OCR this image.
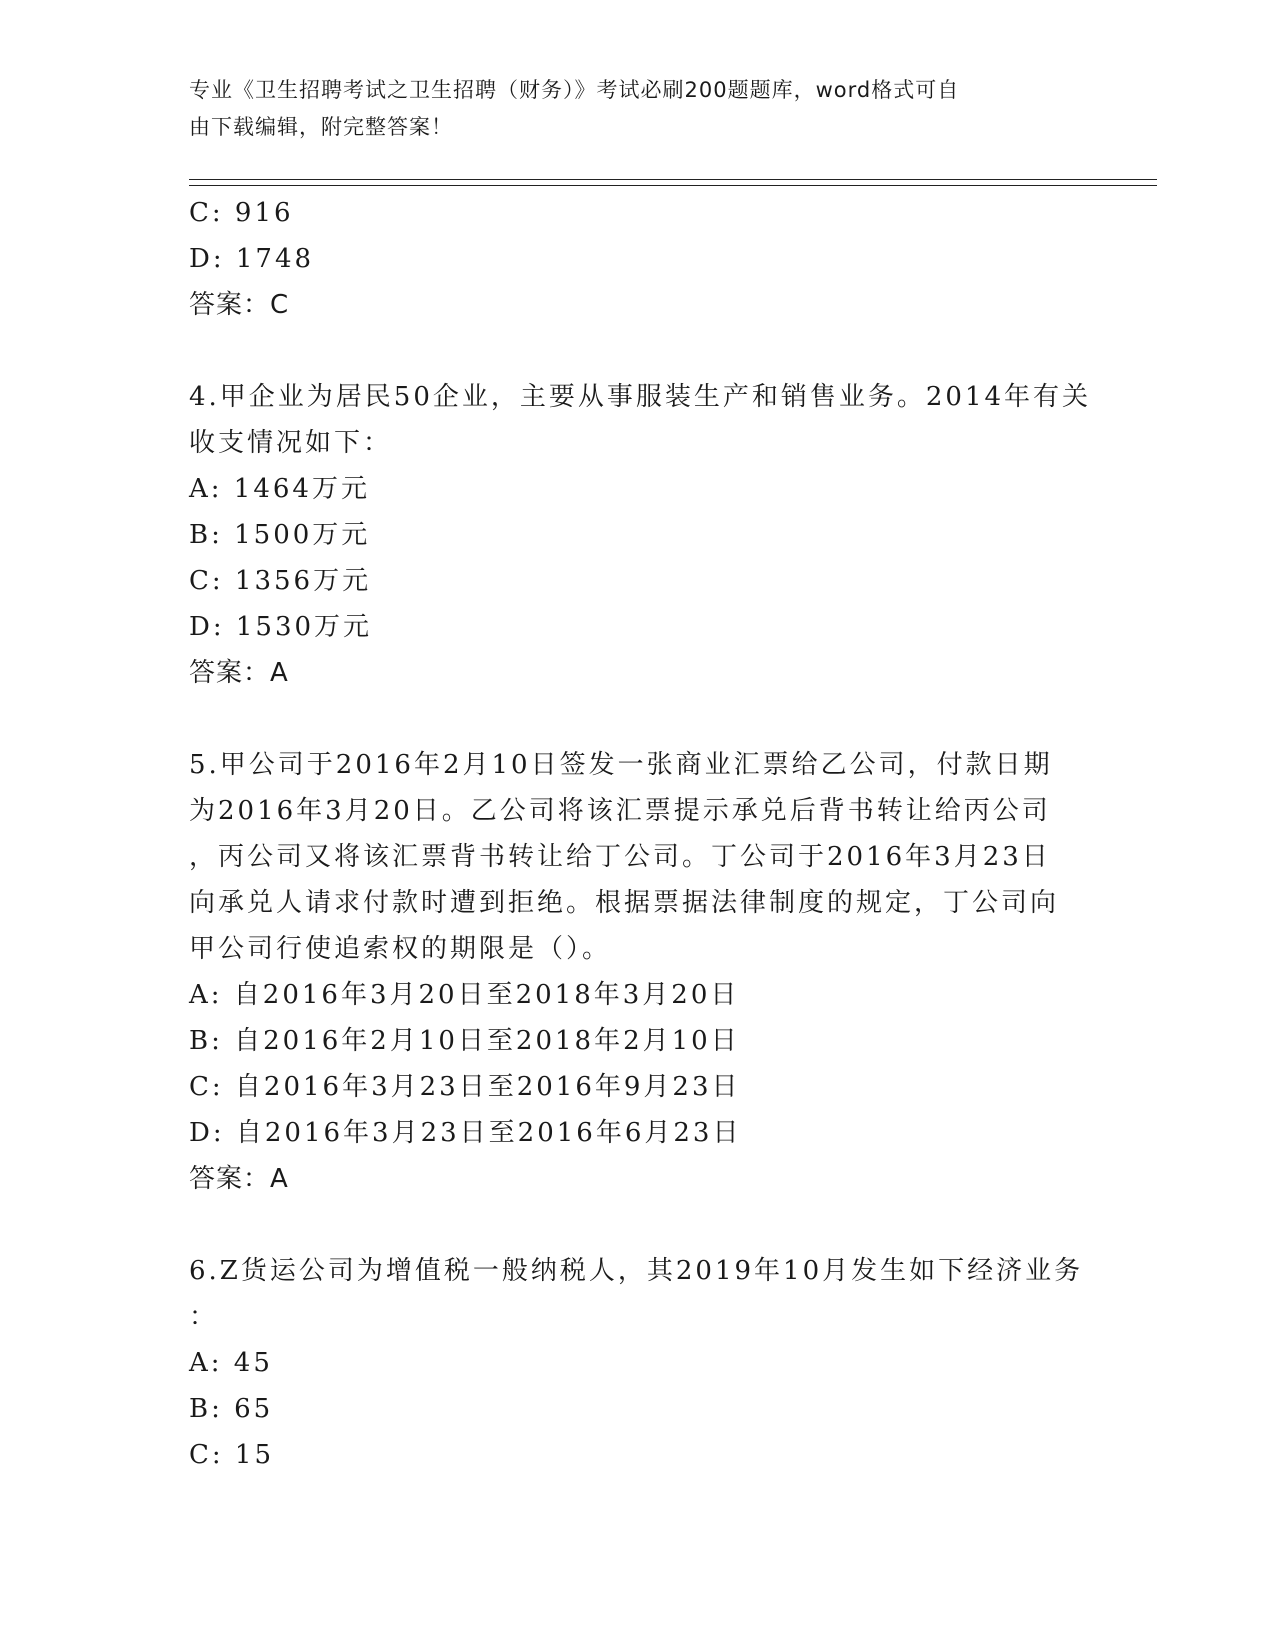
专业《卫生招聘考试之卫生招聘（财务）》考试必刷200题题库，word格式可自
由下载编辑，附完整答案！
C: 916
D: 1748
答案：C
4.甲企业为居民50企业，主要从事服装生产和销售业务。2014年有关
收支情况如下：
A: 1464万元
B: 1500万元
C: 1356万元
D: 1530万元
答案：A
5.甲公司于2016年2月10日签发一张商业汇票给乙公司，付款日期
为2016年3月20日。乙公司将该汇票提示承兑后背书转让给丙公司
，丙公司又将该汇票背书转让给丁公司。丁公司于2016年3月23日
向承兑人请求付款时遭到拒绝。根据票据法律制度的规定，丁公司向
甲公司行使追索权的期限是（）。
A: 自2016年3月20日至2018年3月20日
B: 自2016年2月10日至2018年2月10日
C: 自2016年3月23日至2016年9月23日
D: 自2016年3月23日至2016年6月23日
答案：A
6.Z货运公司为增值税一般纳税人，其2019年10月发生如下经济业务
：
A: 45
B: 65
C: 15
